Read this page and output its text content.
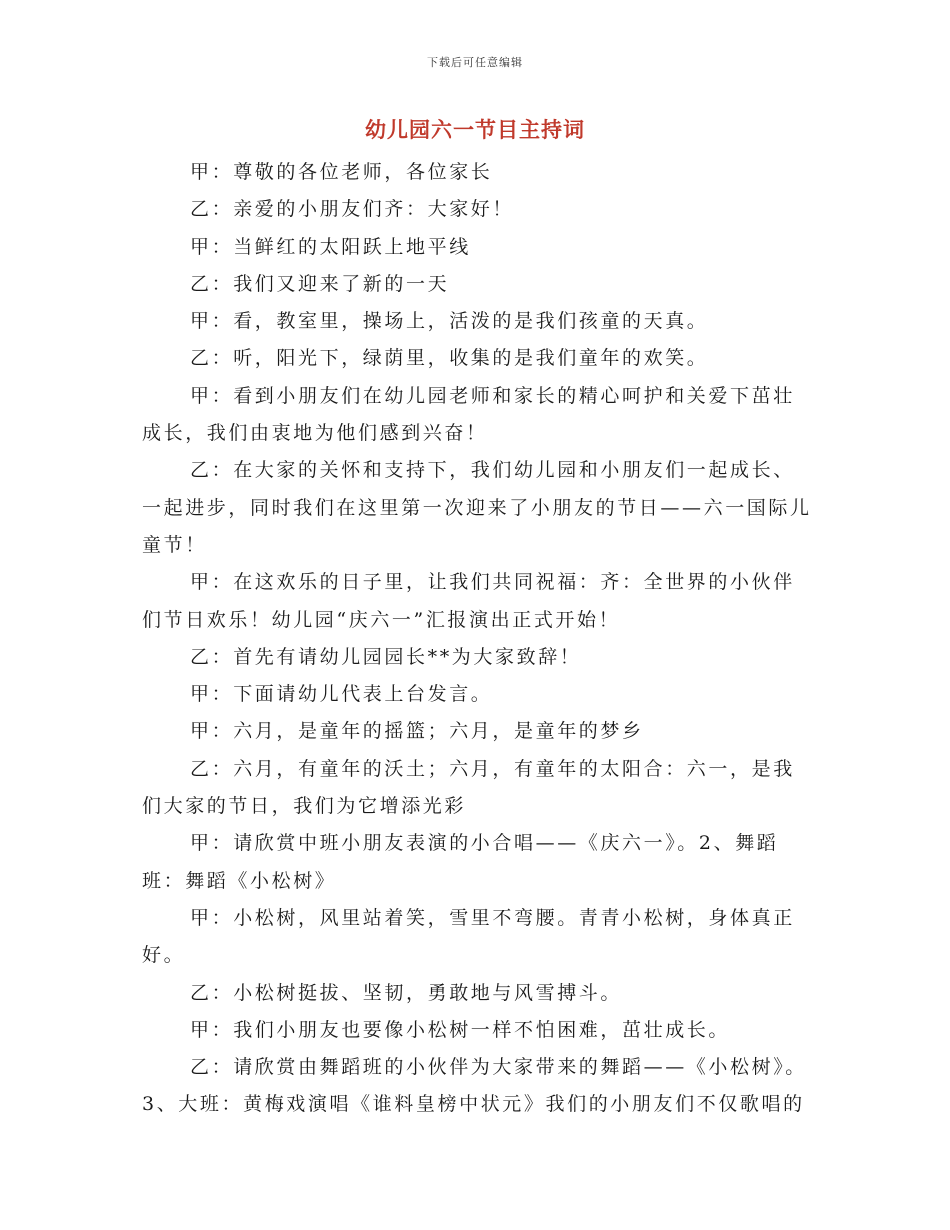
下载后可任意编辑
幼儿园六一节目主持词

甲：尊敬的各位老师，各位家长

乙：亲爱的小朋友们齐：大家好！

甲：当鲜红的太阳跃上地平线

乙：我们又迎来了新的一天

甲：看，教室里，操场上，活泼的是我们孩童的天真。

乙：听，阳光下，绿荫里，收集的是我们童年的欢笑。

甲：看到小朋友们在幼儿园老师和家长的精心呵护和关爱下茁壮成长，我们由衷地为他们感到兴奋！

乙：在大家的关怀和支持下，我们幼儿园和小朋友们一起成长、一起进步，同时我们在这里第一次迎来了小朋友的节日——六一国际儿童节！

甲：在这欢乐的日子里，让我们共同祝福：齐：全世界的小伙伴们节日欢乐！幼儿园“庆六一”汇报演出正式开始！

乙：首先有请幼儿园园长**为大家致辞！

甲：下面请幼儿代表上台发言。

甲：六月，是童年的摇篮；六月，是童年的梦乡

乙：六月，有童年的沃土；六月，有童年的太阳合：六一，是我们大家的节日，我们为它增添光彩

甲：请欣赏中班小朋友表演的小合唱——《庆六一》。2、舞蹈班：舞蹈《小松树》

甲：小松树，风里站着笑，雪里不弯腰。青青小松树，身体真正好。

乙：小松树挺拔、坚韧，勇敢地与风雪搏斗。

甲：我们小朋友也要像小松树一样不怕困难，茁壮成长。

乙：请欣赏由舞蹈班的小伙伴为大家带来的舞蹈——《小松树》。3、大班：黄梅戏演唱《谁料皇榜中状元》我们的小朋友们不仅歌唱的
